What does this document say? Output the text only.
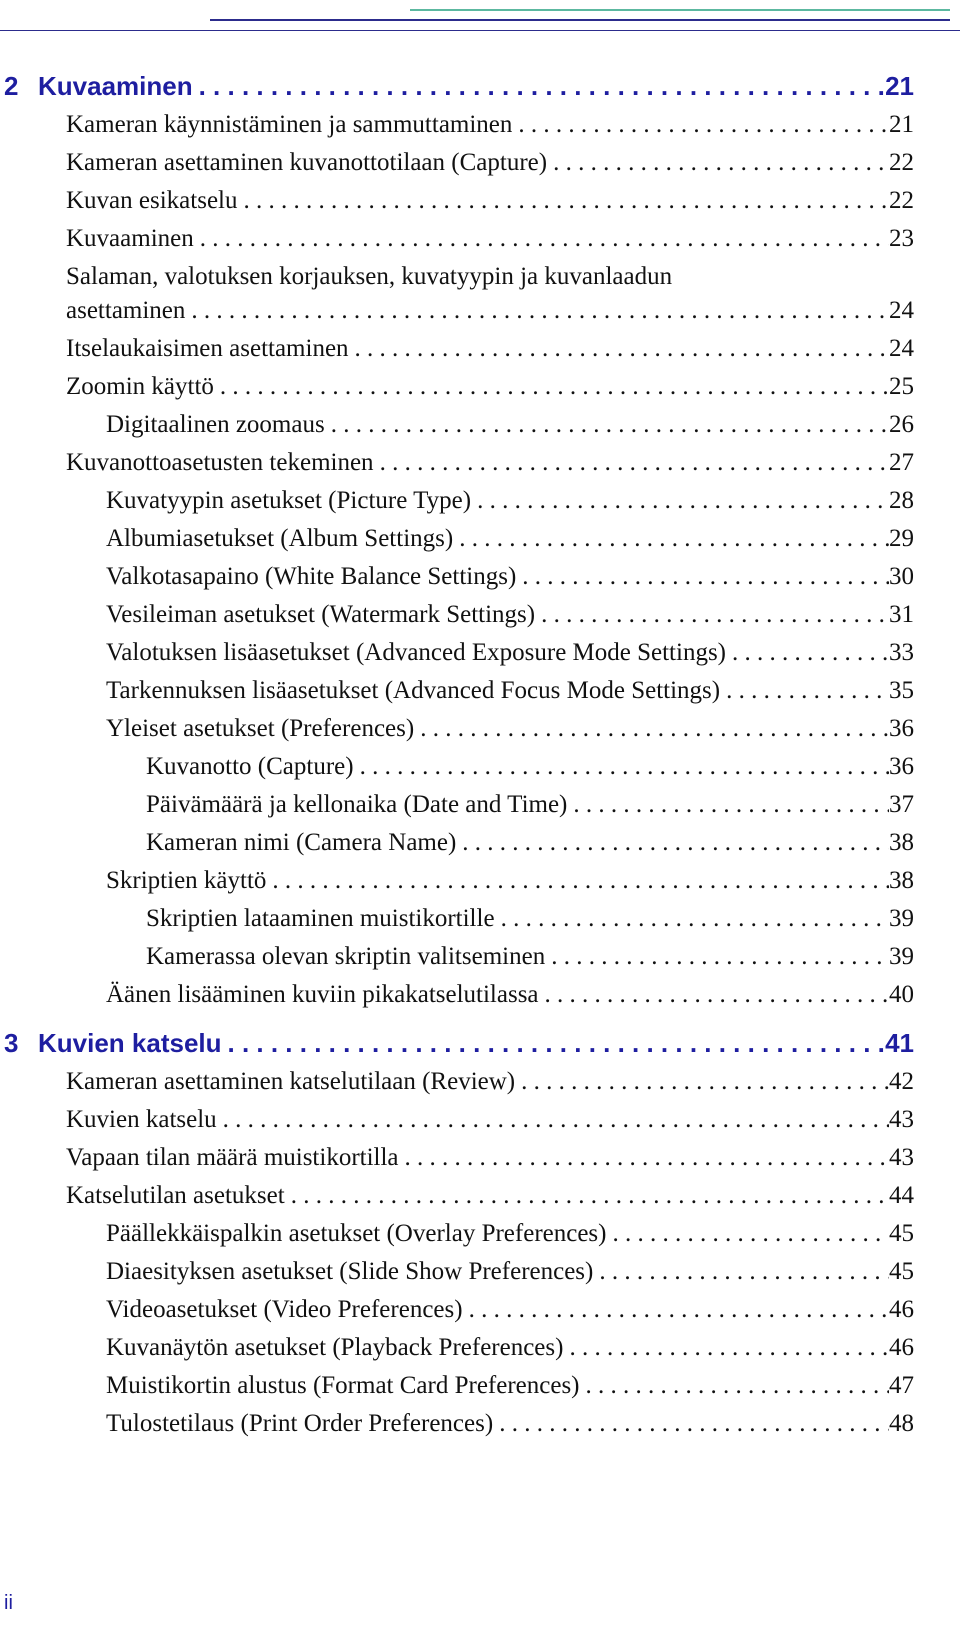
2 Kuvaaminen . . .	21
Kameran käynnistäminen ja sammuttaminen . . .	21
Kameran asettaminen kuvanottotilaan (Capture) . . .	22
Kuvan esikatselu . . .	22
Kuvaaminen . . .	23
Salaman, valotuksen korjauksen, kuvatyypin ja kuvanlaadun
asettaminen . . .	24
Itselaukaisimen asettaminen . . .	24
Zoomin käyttö . . .	25
Digitaalinen zoomaus . . .	26
Kuvanottoasetusten tekeminen . . .	27
Kuvatyypin asetukset (Picture Type) . . .	28
Albumiasetukset (Album Settings) . . .	29
Valkotasapaino (White Balance Settings) . . .	30
Vesileiman asetukset (Watermark Settings) . . .	31
Valotuksen lisäasetukset (Advanced Exposure Mode Settings) . . .	33
Tarkennuksen lisäasetukset (Advanced Focus Mode Settings) . . .	35
Yleiset asetukset (Preferences) . . .	36
Kuvanotto (Capture) . . .	36
Päivämäärä ja kellonaika (Date and Time) . . .	37
Kameran nimi (Camera Name) . . .	38
Skriptien käyttö . . .	38
Skriptien lataaminen muistikortille . . .	39
Kamerassa olevan skriptin valitseminen . . .	39
Äänen lisääminen kuviin pikakatselutilassa . . .	40
3 Kuvien katselu . . .	41
Kameran asettaminen katselutilaan (Review) . . .	42
Kuvien katselu . . .	43
Vapaan tilan määrä muistikortilla . . .	43
Katselutilan asetukset . . .	44
Päällekkäispalkin asetukset (Overlay Preferences) . . .	45
Diaesityksen asetukset (Slide Show Preferences) . . .	45
Videoasetukset (Video Preferences) . . .	46
Kuvanäytön asetukset (Playback Preferences) . . .	46
Muistikortin alustus (Format Card Preferences) . . .	47
Tulostetilaus (Print Order Preferences) . . .	48
ii
